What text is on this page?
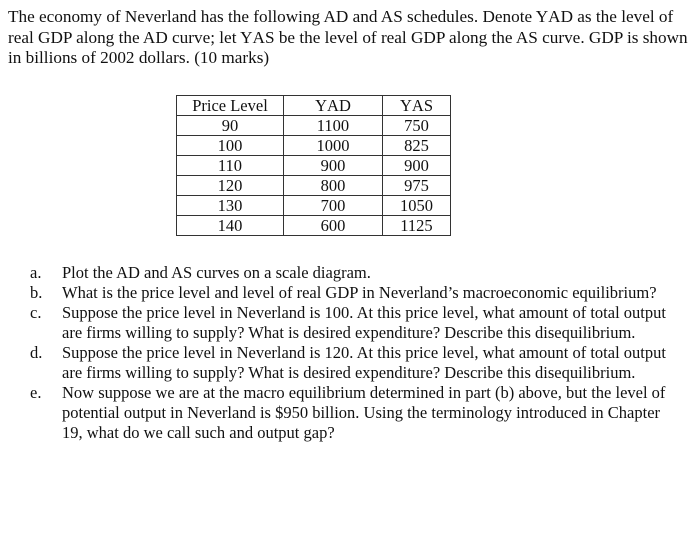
The economy of Neverland has the following AD and AS schedules. Denote YAD as the level of real GDP along the AD curve; let YAS be the level of real GDP along the AS curve. GDP is shown in billions of 2002 dollars. (10 marks)

Price Level	YAD	YAS
90	1100	750
100	1000	825
110	900	900
120	800	975
130	700	1050
140	600	1125
a. Plot the AD and AS curves on a scale diagram.
b. What is the price level and level of real GDP in Neverland’s macroeconomic equilibrium?
c. Suppose the price level in Neverland is 100. At this price level, what amount of total output are firms willing to supply? What is desired expenditure? Describe this disequilibrium.
d. Suppose the price level in Neverland is 120. At this price level, what amount of total output are firms willing to supply? What is desired expenditure? Describe this disequilibrium.
e. Now suppose we are at the macro equilibrium determined in part (b) above, but the level of potential output in Neverland is $950 billion. Using the terminology introduced in Chapter 19, what do we call such and output gap?
